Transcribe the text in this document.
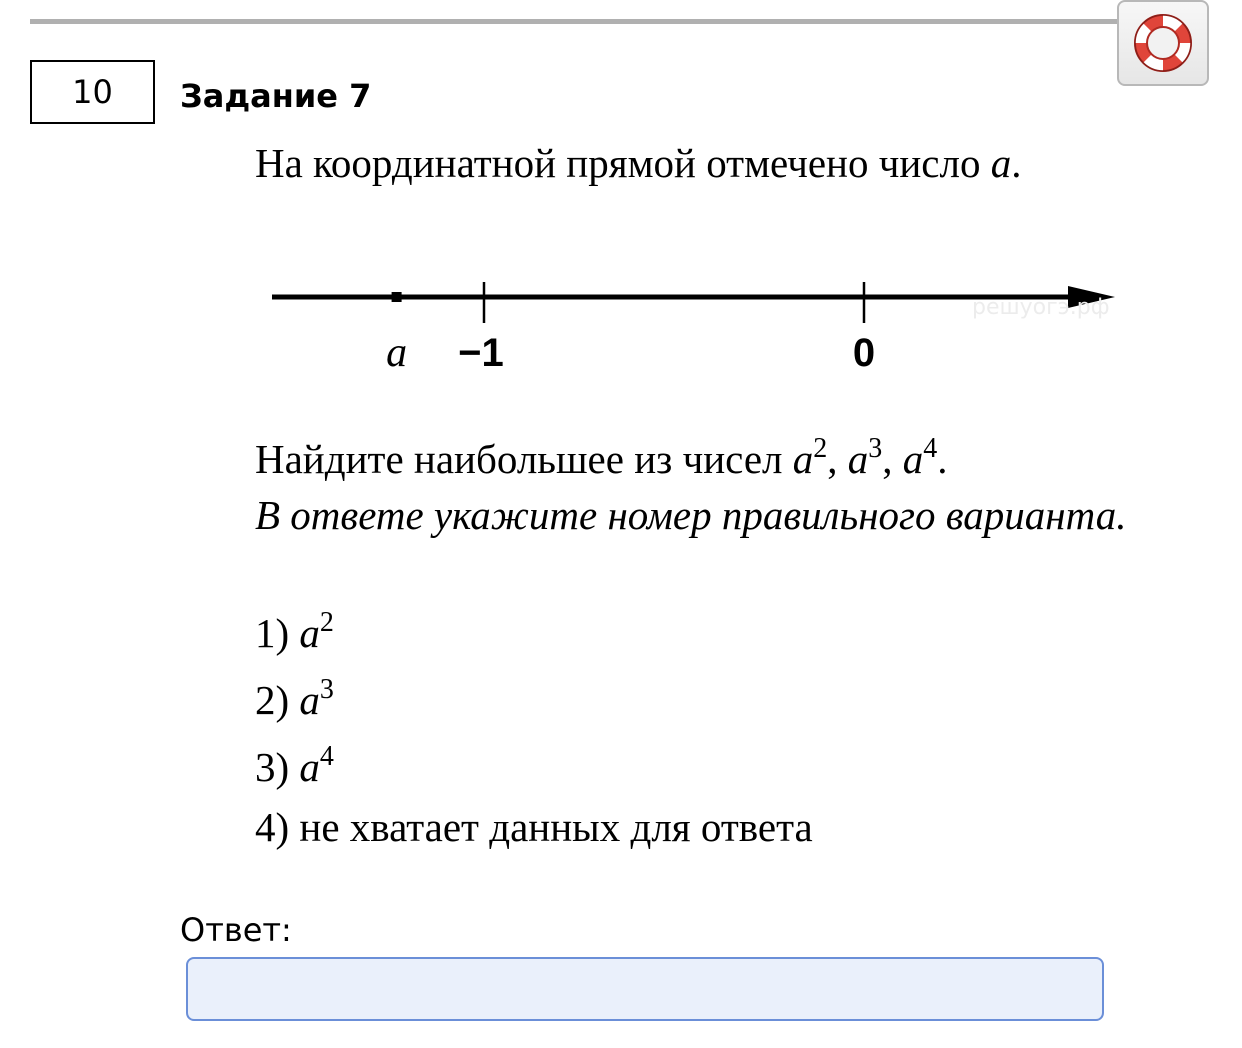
10 Задание 7
На координатной прямой отмечено число a.
решуогэ.рф
a −1	0
Найдите наибольшее из чисел $a^2$, $a^3$, $a^4$.
В ответе укажите номер правильного варианта.
1) $a^2$
2) $a^3$
3) $a^4$
4) не хватает данных для ответа
Ответ:
